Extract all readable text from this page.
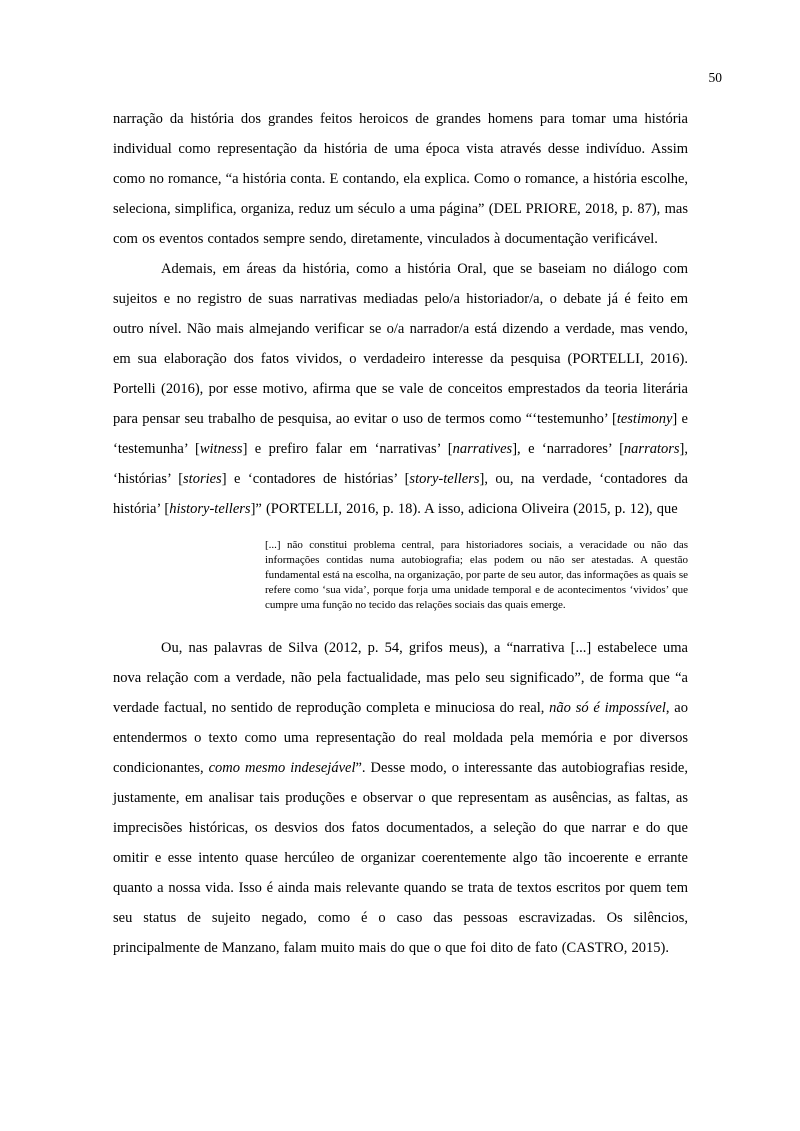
50

narração da história dos grandes feitos heroicos de grandes homens para tomar uma história individual como representação da história de uma época vista através desse indivíduo. Assim como no romance, “a história conta. E contando, ela explica. Como o romance, a história escolhe, seleciona, simplifica, organiza, reduz um século a uma página” (DEL PRIORE, 2018, p. 87), mas com os eventos contados sempre sendo, diretamente, vinculados à documentação verificável.

Ademais, em áreas da história, como a história Oral, que se baseiam no diálogo com sujeitos e no registro de suas narrativas mediadas pelo/a historiador/a, o debate já é feito em outro nível. Não mais almejando verificar se o/a narrador/a está dizendo a verdade, mas vendo, em sua elaboração dos fatos vividos, o verdadeiro interesse da pesquisa (PORTELLI, 2016). Portelli (2016), por esse motivo, afirma que se vale de conceitos emprestados da teoria literária para pensar seu trabalho de pesquisa, ao evitar o uso de termos como “‘testemunho’ [testimony] e ‘testemunha’ [witness] e prefiro falar em ‘narrativas’ [narratives], e ‘narradores’ [narrators], ‘histórias’ [stories] e ‘contadores de histórias’ [story-tellers], ou, na verdade, ‘contadores da história’ [history-tellers]” (PORTELLI, 2016, p. 18). A isso, adiciona Oliveira (2015, p. 12), que

[...] não constitui problema central, para historiadores sociais, a veracidade ou não das informações contidas numa autobiografia; elas podem ou não ser atestadas. A questão fundamental está na escolha, na organização, por parte de seu autor, das informações as quais se refere como ‘sua vida’, porque forja uma unidade temporal e de acontecimentos ‘vividos’ que cumpre uma função no tecido das relações sociais das quais emerge.

Ou, nas palavras de Silva (2012, p. 54, grifos meus), a “narrativa [...] estabelece uma nova relação com a verdade, não pela factualidade, mas pelo seu significado”, de forma que “a verdade factual, no sentido de reprodução completa e minuciosa do real, não só é impossível, ao entendermos o texto como uma representação do real moldada pela memória e por diversos condicionantes, como mesmo indesejável”. Desse modo, o interessante das autobiografias reside, justamente, em analisar tais produções e observar o que representam as ausências, as faltas, as imprecisões históricas, os desvios dos fatos documentados, a seleção do que narrar e do que omitir e esse intento quase hercúleo de organizar coerentemente algo tão incoerente e errante quanto a nossa vida. Isso é ainda mais relevante quando se trata de textos escritos por quem tem seu status de sujeito negado, como é o caso das pessoas escravizadas. Os silêncios, principalmente de Manzano, falam muito mais do que o que foi dito de fato (CASTRO, 2015).
